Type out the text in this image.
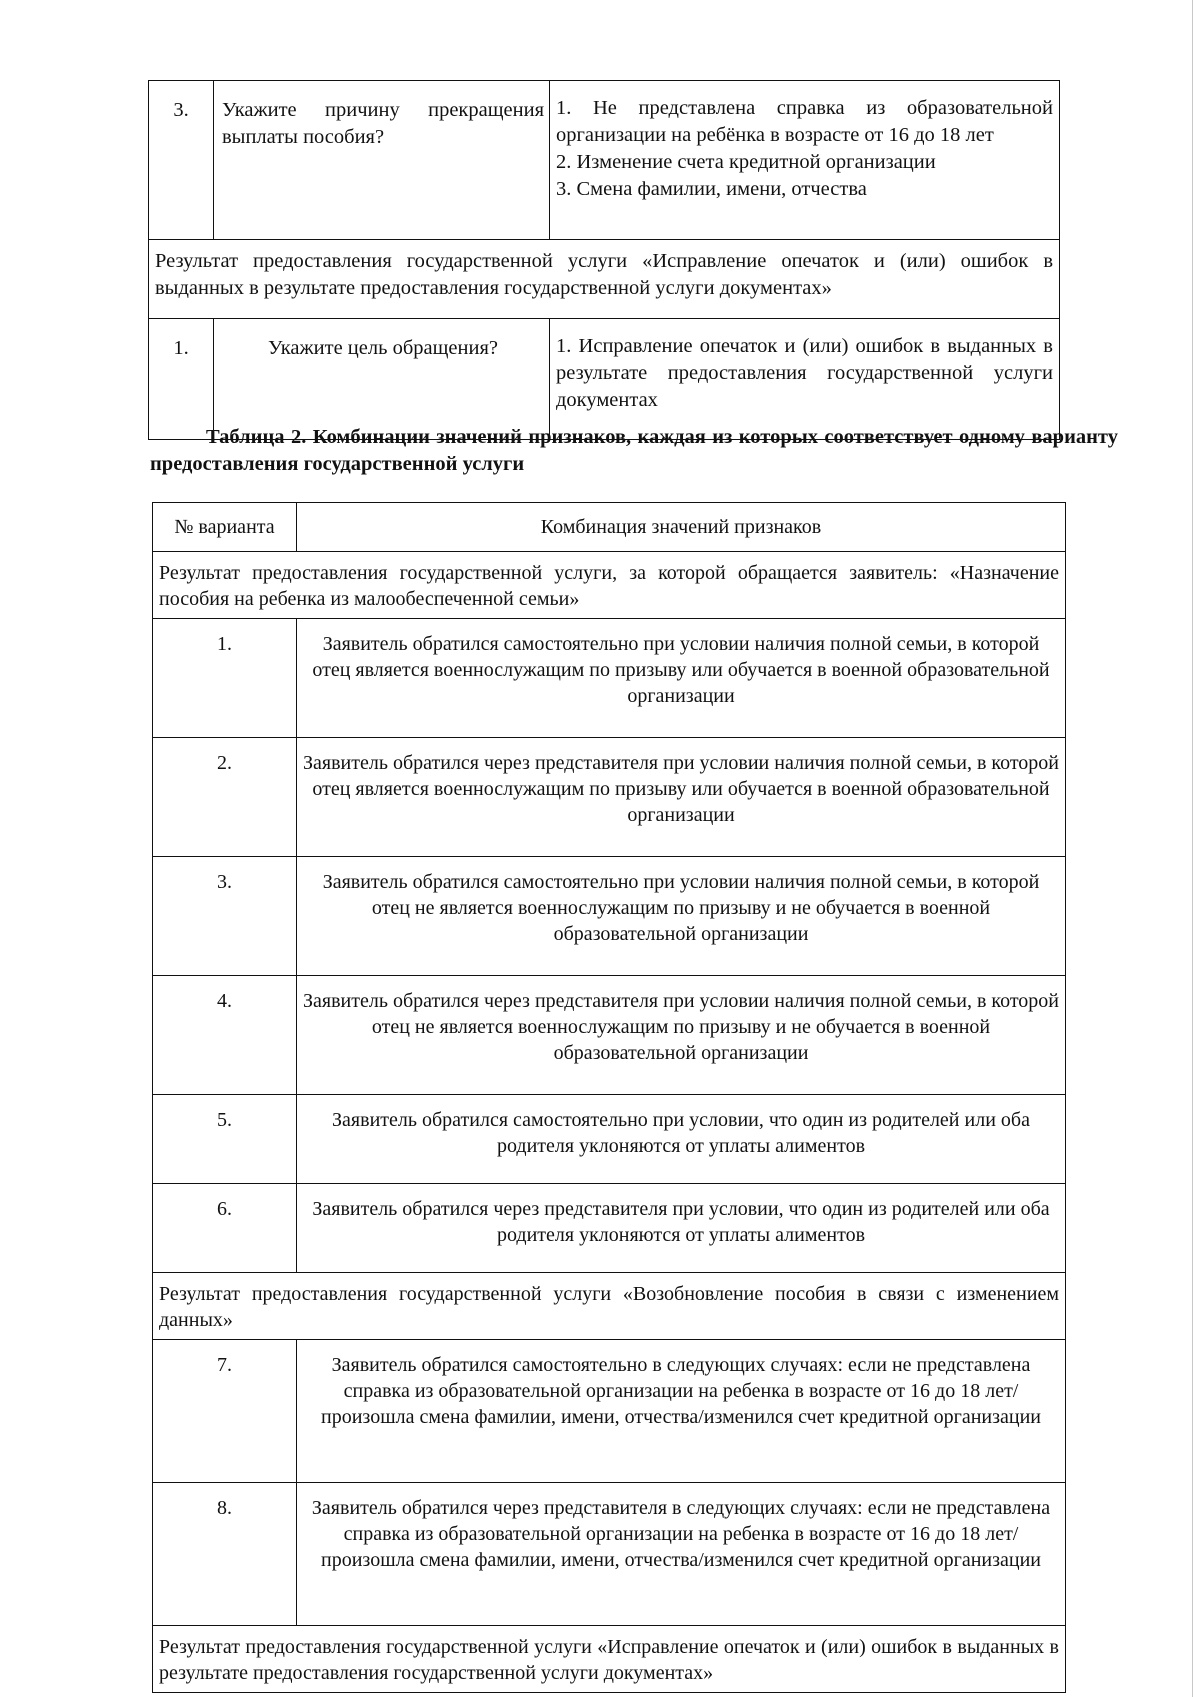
3.	Укажите причину прекращения выплаты пособия?	1. Не представлена справка из образовательной организации на ребёнка в возрасте от 16 до 18 лет
2. Изменение счета кредитной организации
3. Смена фамилии, имени, отчества

Результат предоставления государственной услуги «Исправление опечаток и (или) ошибок в выданных в результате предоставления государственной услуги документах»		
1.	Укажите цель обращения?	1. Исправление опечаток и (или) ошибок в выданных в результате предоставления государственной услуги документах
Таблица 2. Комбинации значений признаков, каждая из которых соответствует одному варианту предоставления государственной услуги
№ варианта	Комбинация значений признаков
Результат предоставления государственной услуги, за которой обращается заявитель: «Назначение пособия на ребенка из малообеспеченной семьи»	
1.	Заявитель обратился самостоятельно при условии наличия полной семьи, в которой отец является военнослужащим по призыву или обучается в военной образовательной организации
2.	Заявитель обратился через представителя при условии наличия полной семьи, в которой отец является военнослужащим по призыву или обучается в военной образовательной организации
3.	Заявитель обратился самостоятельно при условии наличия полной семьи, в которой отец не является военнослужащим по призыву и не обучается в военной образовательной организации
4.	Заявитель обратился через представителя при условии наличия полной семьи, в которой отец не является военнослужащим по призыву и не обучается в военной образовательной организации
5.	Заявитель обратился самостоятельно при условии, что один из родителей или оба родителя уклоняются от уплаты алиментов
6.	Заявитель обратился через представителя при условии, что один из родителей или оба родителя уклоняются от уплаты алиментов
Результат предоставления государственной услуги «Возобновление пособия в связи с изменением данных»	
7.	Заявитель обратился самостоятельно в следующих случаях: если не представлена справка из образовательной организации на ребенка в возрасте от 16 до 18 лет/произошла смена фамилии, имени, отчества/изменился счет кредитной организации
8.	Заявитель обратился через представителя в следующих случаях: если не представлена справка из образовательной организации на ребенка в возрасте от 16 до 18 лет/произошла смена фамилии, имени, отчества/изменился счет кредитной организации
Результат предоставления государственной услуги «Исправление опечаток и (или) ошибок в выданных в результате предоставления государственной услуги документах»	
